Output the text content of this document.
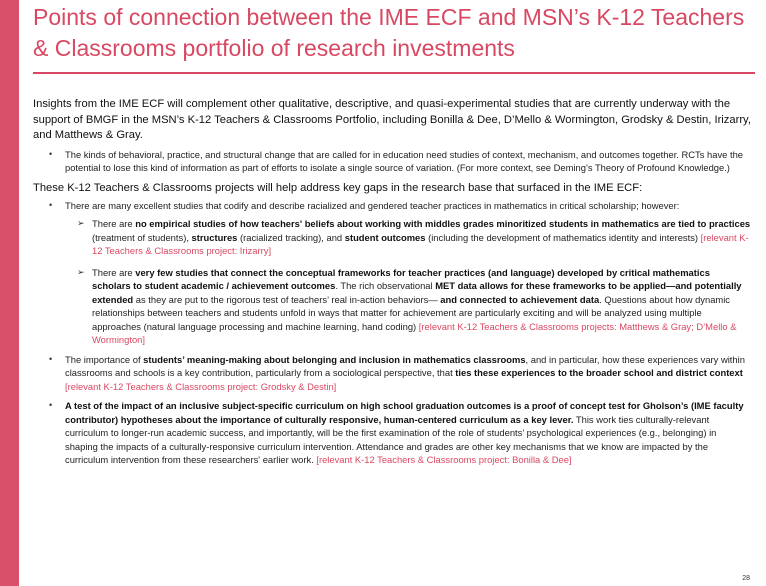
Points of connection between the IME ECF and MSN’s K-12 Teachers & Classrooms portfolio of research investments

Insights from the IME ECF will complement other qualitative, descriptive, and quasi-experimental studies that are currently underway with the support of BMGF in the MSN’s K-12 Teachers & Classrooms Portfolio, including Bonilla & Dee, D’Mello & Wormington, Grodsky & Destin, Irizarry, and Matthews & Gray.

• The kinds of behavioral, practice, and structural change that are called for in education need studies of context, mechanism, and outcomes together. RCTs have the potential to lose this kind of information as part of efforts to isolate a single source of variation. (For more context, see Deming’s Theory of Profound Knowledge.)

These K-12 Teachers & Classrooms projects will help address key gaps in the research base that surfaced in the IME ECF:

• There are many excellent studies that codify and describe racialized and gendered teacher practices in mathematics in critical scholarship; however:
➢ There are no empirical studies of how teachers' beliefs about working with middles grades minoritized students in mathematics are tied to practices (treatment of students), structures (racialized tracking), and student outcomes (including the development of mathematics identity and interests) [relevant K-12 Teachers & Classrooms project: Irizarry]
➢ There are very few studies that connect the conceptual frameworks for teacher practices (and language) developed by critical mathematics scholars to student academic / achievement outcomes. The rich observational MET data allows for these frameworks to be applied—and potentially extended as they are put to the rigorous test of teachers’ real in-action behaviors— and connected to achievement data. Questions about how dynamic relationships between teachers and students unfold in ways that matter for achievement are particularly exciting and will be analyzed using multiple approaches (natural language processing and machine learning, hand coding) [relevant K-12 Teachers & Classrooms projects: Matthews & Gray; D’Mello & Wormington]
• The importance of students’ meaning-making about belonging and inclusion in mathematics classrooms, and in particular, how these experiences vary within classrooms and schools is a key contribution, particularly from a sociological perspective, that ties these experiences to the broader school and district context [relevant K-12 Teachers & Classrooms project: Grodsky & Destin]
• A test of the impact of an inclusive subject-specific curriculum on high school graduation outcomes is a proof of concept test for Gholson’s (IME faculty contributor) hypotheses about the importance of culturally responsive, human-centered curriculum as a key lever. This work ties culturally-relevant curriculum to longer-run academic success, and importantly, will be the first examination of the role of students’ psychological experiences (e.g., belonging) in shaping the impacts of a culturally-responsive curriculum intervention. Attendance and grades are other key mechanisms that we know are impacted by the curriculum intervention from these researchers' earlier work. [relevant K-12 Teachers & Classrooms project: Bonilla & Dee]
28
